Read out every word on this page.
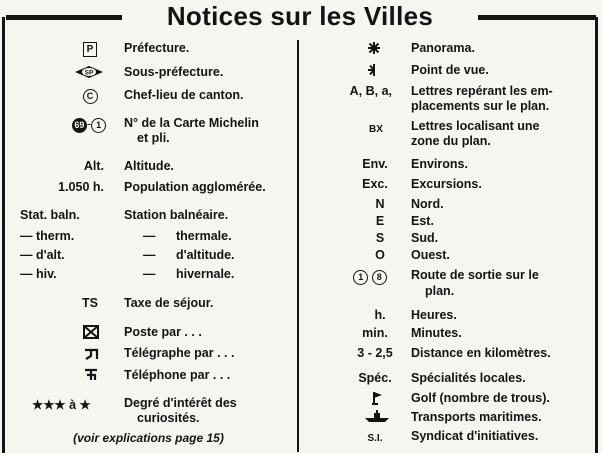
Notices sur les Villes
P	Préfecture.
SP Sous-préfecture.
C	Chef-lieu de canton.
69 - 1	N° de la Carte Michelin
et pli.
Alt. Altitude.
1.050 h. Population agglomérée.
Stat. baln.	Station balnéaire.
— therm.	— thermale.
— d'alt.	— d'altitude.
— hiv.	— hivernale.
TS	Taxe de séjour.
Poste par . . .
Télégraphe par . . .
Téléphone par . . .
★★★ à ★	Degré d'intérêt des
curiosités.
(voir explications page 15)
Panorama.
Point de vue.
A, B, a, Lettres repérant les em-
placements sur le plan.
BX	Lettres localisant une
zone du plan.
Env.	Environs.
Exc.	Excursions.
N	Nord.
E	Est.
S	Sud.
O	Ouest.
1 8	Route de sortie sur le
plan.
h.	Heures.
min.	Minutes.
3 - 2,5	Distance en kilomètres.
Spéc. Spécialités locales.
Golf (nombre de trous).
Transports maritimes.
S.I.	Syndicat d'initiatives.
